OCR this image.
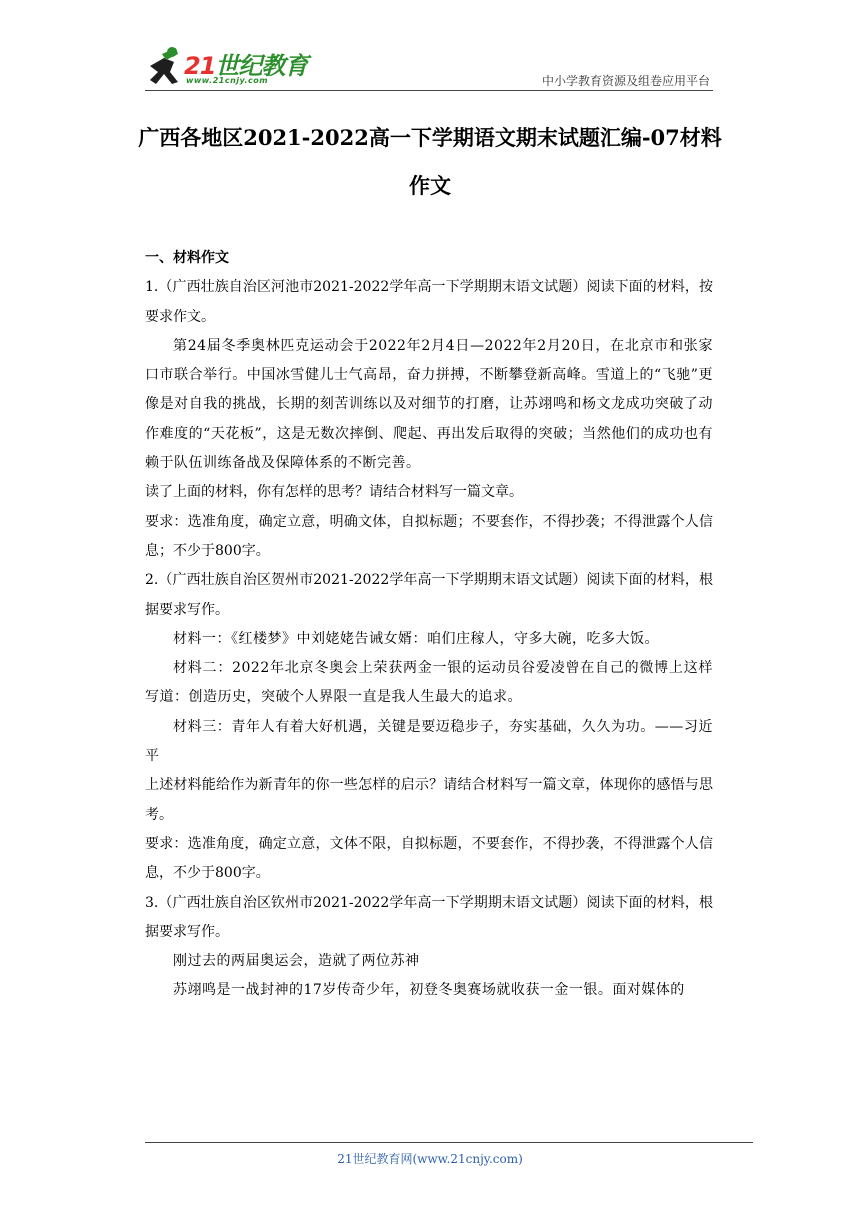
21世纪教育
www.21cnjy.com	中小学教育资源及组卷应用平台
广西各地区2021-2022高一下学期语文期末试题汇编-07材料作文

一、材料作文

1.（广西壮族自治区河池市2021-2022学年高一下学期期末语文试题）阅读下面的材料，按要求作文。

第24届冬季奥林匹克运动会于2022年2月4日—2022年2月20日，在北京市和张家口市联合举行。中国冰雪健儿士气高昂，奋力拼搏，不断攀登新高峰。雪道上的“飞驰”更像是对自我的挑战，长期的刻苦训练以及对细节的打磨，让苏翊鸣和杨文龙成功突破了动作难度的“天花板”，这是无数次摔倒、爬起、再出发后取得的突破；当然他们的成功也有赖于队伍训练备战及保障体系的不断完善。

读了上面的材料，你有怎样的思考？请结合材料写一篇文章。

要求：选准角度，确定立意，明确文体，自拟标题；不要套作，不得抄袭；不得泄露个人信息；不少于800字。

2.（广西壮族自治区贺州市2021-2022学年高一下学期期末语文试题）阅读下面的材料，根据要求写作。

材料一：《红楼梦》中刘姥姥告诫女婿：咱们庄稼人，守多大碗，吃多大饭。

材料二：2022年北京冬奥会上荣获两金一银的运动员谷爱凌曾在自己的微博上这样写道：创造历史，突破个人界限一直是我人生最大的追求。

材料三：青年人有着大好机遇，关键是要迈稳步子，夯实基础，久久为功。——习近平

上述材料能给作为新青年的你一些怎样的启示？请结合材料写一篇文章，体现你的感悟与思考。

要求：选准角度，确定立意，文体不限，自拟标题，不要套作，不得抄袭，不得泄露个人信息，不少于800字。

3.（广西壮族自治区钦州市2021-2022学年高一下学期期末语文试题）阅读下面的材料，根据要求写作。

刚过去的两届奥运会，造就了两位苏神

苏翊鸣是一战封神的17岁传奇少年，初登冬奥赛场就收获一金一银。面对媒体的

21世纪教育网(www.21cnjy.com)
